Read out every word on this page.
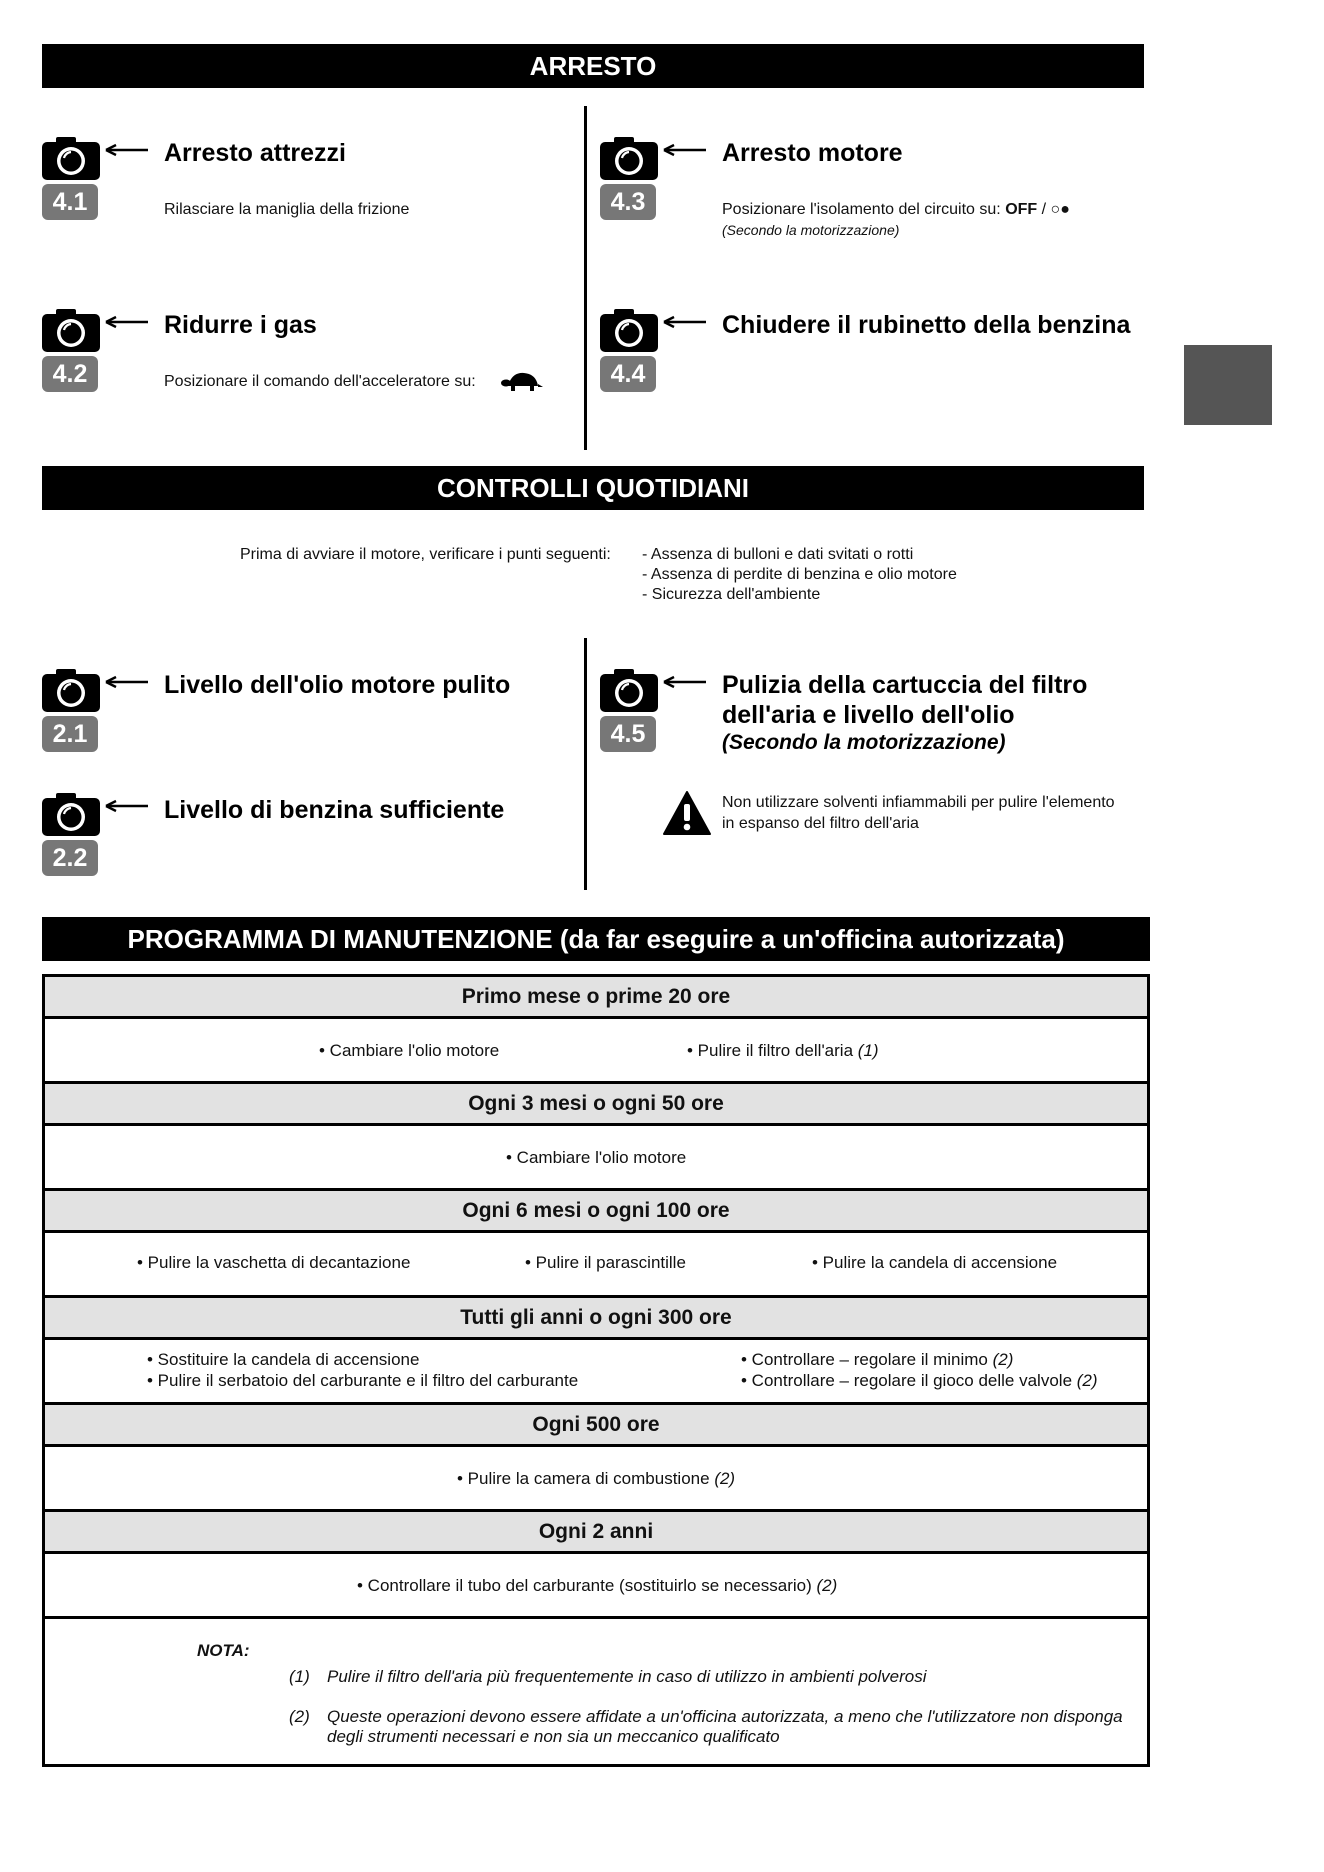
ARRESTO
4.1
Arresto attrezzi
Rilasciare la maniglia della frizione
4.2
Ridurre i gas
Posizionare il comando dell'acceleratore su:
4.3
Arresto motore
Posizionare l'isolamento del circuito su: OFF / ○●
(Secondo la motorizzazione)
4.4
Chiudere il rubinetto della benzina
CONTROLLI QUOTIDIANI
Prima di avviare il motore, verificare i punti seguenti: - Assenza di bulloni e dati svitati o rotti
- Assenza di perdite di benzina e olio motore
- Sicurezza dell'ambiente
2.1
Livello dell'olio motore pulito
2.2
Livello di benzina sufficiente
4.5
Pulizia della cartuccia del filtro
dell'aria e livello dell'olio
(Secondo la motorizzazione)
Non utilizzare solventi infiammabili per pulire l'elemento
in espanso del filtro dell'aria
PROGRAMMA DI MANUTENZIONE (da far eseguire a un'officina autorizzata)
Primo mese o prime 20 ore

• Cambiare l'olio motore	• Pulire il filtro dell'aria (1)

Ogni 3 mesi o ogni 50 ore

• Cambiare l'olio motore

Ogni 6 mesi o ogni 100 ore

• Pulire la vaschetta di decantazione	• Pulire il parascintille	• Pulire la candela di accensione

Tutti gli anni o ogni 300 ore

• Sostituire la candela di accensione
• Pulire il serbatoio del carburante e il filtro del carburante
• Controllare – regolare il minimo (2)
• Controllare – regolare il gioco delle valvole (2)

Ogni 500 ore

• Pulire la camera di combustione (2)

Ogni 2 anni

• Controllare il tubo del carburante (sostituirlo se necessario) (2)

NOTA:
(1) Pulire il filtro dell'aria più frequentemente in caso di utilizzo in ambienti polverosi
(2) Queste operazioni devono essere affidate a un'officina autorizzata, a meno che l'utilizzatore non disponga
degli strumenti necessari e non sia un meccanico qualificato
